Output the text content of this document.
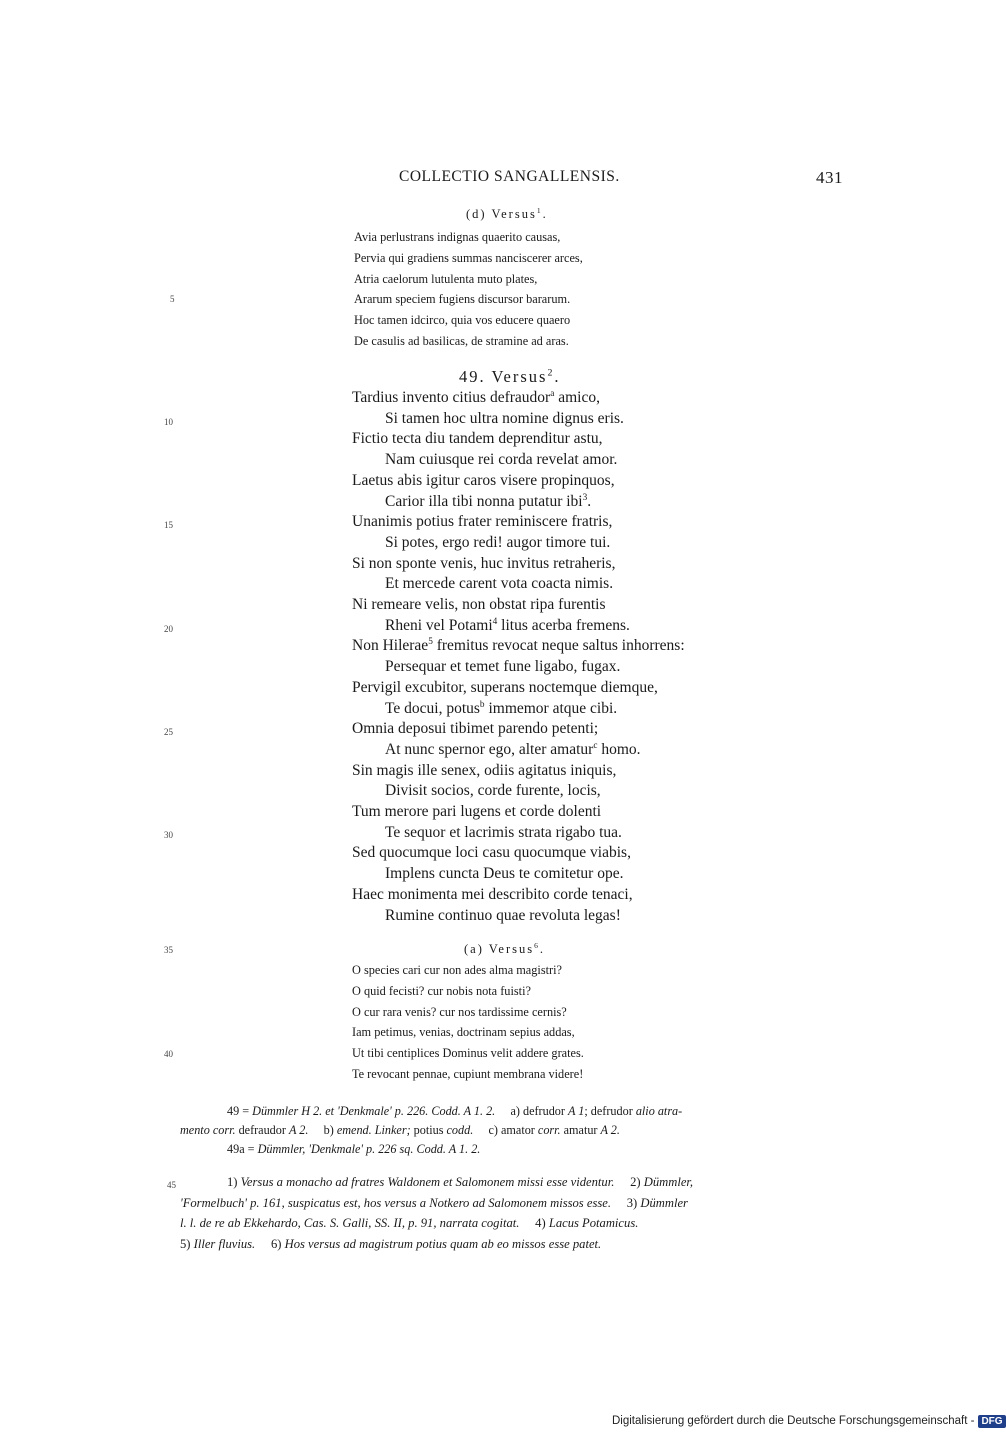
COLLECTIO SANGALLENSIS.	431
5
10
15
20
25
30
35
40
45
(d) Versus$^1$.
Avia perlustrans indignas quaerito causas,
Pervia qui gradiens summas nanciscerer arces,
Atria caelorum lutulenta muto plates,
Ararum speciem fugiens discursor bararum.
Hoc tamen idcirco, quia vos educere quaero
De casulis ad basilicas, de stramine ad aras.
49. Versus$^2$.
Tardius invento citius defraudor$^a$ amico,
Si tamen hoc ultra nomine dignus eris.
Fictio tecta diu tandem deprenditur astu,
Nam cuiusque rei corda revelat amor.
Laetus abis igitur caros visere propinquos,
Carior illa tibi nonna putatur ibi$^3$.
Unanimis potius frater reminiscere fratris,
Si potes, ergo redi! augor timore tui.
Si non sponte venis, huc invitus retraheris,
Et mercede carent vota coacta nimis.
Ni remeare velis, non obstat ripa furentis
Rheni vel Potami$^4$ litus acerba fremens.
Non Hilerae$^5$ fremitus revocat neque saltus inhorrens:
Persequar et temet fune ligabo, fugax.
Pervigil excubitor, superans noctemque diemque,
Te docui, potus$^b$ immemor atque cibi.
Omnia deposui tibimet parendo petenti;
At nunc spernor ego, alter amatur$^c$ homo.
Sin magis ille senex, odiis agitatus iniquis,
Divisit socios, corde furente, locis,
Tum merore pari lugens et corde dolenti
Te sequor et lacrimis strata rigabo tua.
Sed quocumque loci casu quocumque viabis,
Implens cuncta Deus te comitetur ope.
Haec monimenta mei describito corde tenaci,
Rumine continuo quae revoluta legas!
(a) Versus$^6$.
O species cari cur non ades alma magistri?
O quid fecisti? cur nobis nota fuisti?
O cur rara venis? cur nos tardissime cernis?
Iam petimus, venias, doctrinam sepius addas,
Ut tibi centiplices Dominus velit addere grates.
Te revocant pennae, cupiunt membrana videre!
49 = Dümmler H 2. et 'Denkmale' p. 226. Codd. A 1. 2. a) defrudor A 1; defrudor alio atra-
mento corr. defraudor A 2. b) emend. Linker; potius codd. c) amator corr. amatur A 2.
49a = Dümmler, 'Denkmale' p. 226 sq. Codd. A 1. 2.
1) Versus a monacho ad fratres Waldonem et Salomonem missi esse videntur. 2) Dümmler,
'Formelbuch' p. 161, suspicatus est, hos versus a Notkero ad Salomonem missos esse. 3) Dümmler
l. l. de re ab Ekkehardo, Cas. S. Galli, SS. II, p. 91, narrata cogitat. 4) Lacus Potamicus.
5) Iller fluvius. 6) Hos versus ad magistrum potius quam ab eo missos esse patet.
Digitalisierung gefördert durch die Deutsche Forschungsgemeinschaft - DFG
